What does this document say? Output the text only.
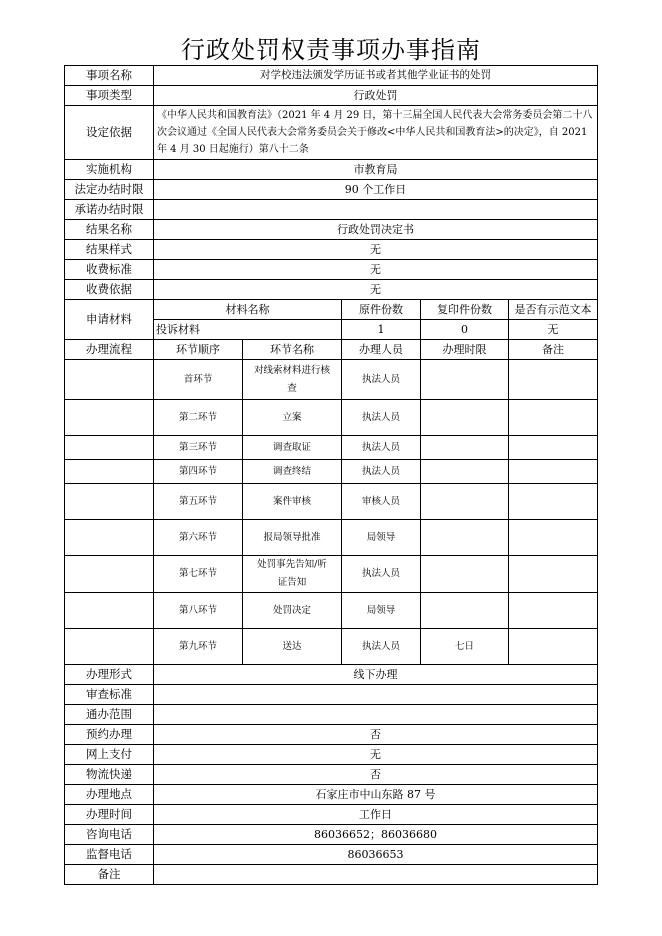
行政处罚权责事项办事指南
事项名称	对学校违法颁发学历证书或者其他学业证书的处罚				
事项类型	行政处罚				
设定依据	《中华人民共和国教育法》（2021 年 4 月 29 日，第十三届全国人民代表大会常务委员会第二十八次会议通过《全国人民代表大会常务委员会关于修改<中华人民共和国教育法>的决定》，自 2021 年 4 月 30 日起施行）第八十二条				
实施机构	市教育局				
法定办结时限	90 个工作日				
承诺办结时限					
结果名称	行政处罚决定书				
结果样式	无				
收费标准	无				
收费依据	无				
申请材料	材料名称		原件份数	复印件份数	是否有示范文本
	投诉材料		1	0	无
办理流程	环节顺序	环节名称	办理人员	办理时限	备注
	首环节	对线索材料进行核查	执法人员		
	第二环节	立案	执法人员		
	第三环节	调查取证	执法人员		
	第四环节	调查终结	执法人员		
	第五环节	案件审核	审核人员		
	第六环节	报局领导批准	局领导		
	第七环节	处罚事先告知/听证告知	执法人员		
	第八环节	处罚决定	局领导		
	第九环节	送达	执法人员	七日	
办理形式	线下办理				
审查标准					
通办范围					
预约办理	否				
网上支付	无				
物流快递	否				
办理地点	石家庄市中山东路 87 号				
办理时间	工作日				
咨询电话	86036652；86036680				
监督电话	86036653				
备注					
